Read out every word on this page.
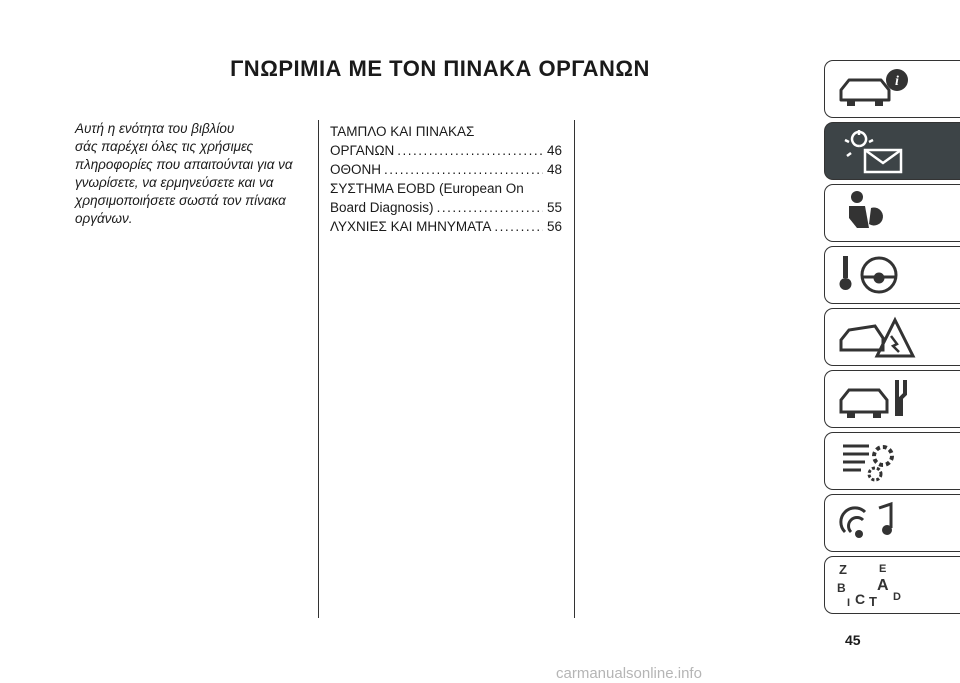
ΓΝΩΡΙΜΙΑ ΜΕ ΤΟΝ ΠΙΝΑΚΑ ΟΡΓΑΝΩΝ
Αυτή η ενότητα του βιβλίου
σάς παρέχει όλες τις χρήσιμες
πληροφορίες που απαιτούνται για να
γνωρίσετε, να ερμηνεύσετε και να
χρησιμοποιήσετε σωστά τον πίνακα
οργάνων.
ΤΑΜΠΛΟ ΚΑΙ ΠΙΝΑΚΑΣ
ΟΡΓΑΝΩΝ .....	46
ΟΘΟΝΗ .....	48
ΣΥΣΤΗΜΑ EOBD (European On
Board Diagnosis) .....	55
ΛΥΧΝΙΕΣ ΚΑΙ ΜΗΝΥΜΑΤΑ .....	56
i
Z	E
A
B
C T D
I
45
carmanualsonline.info
